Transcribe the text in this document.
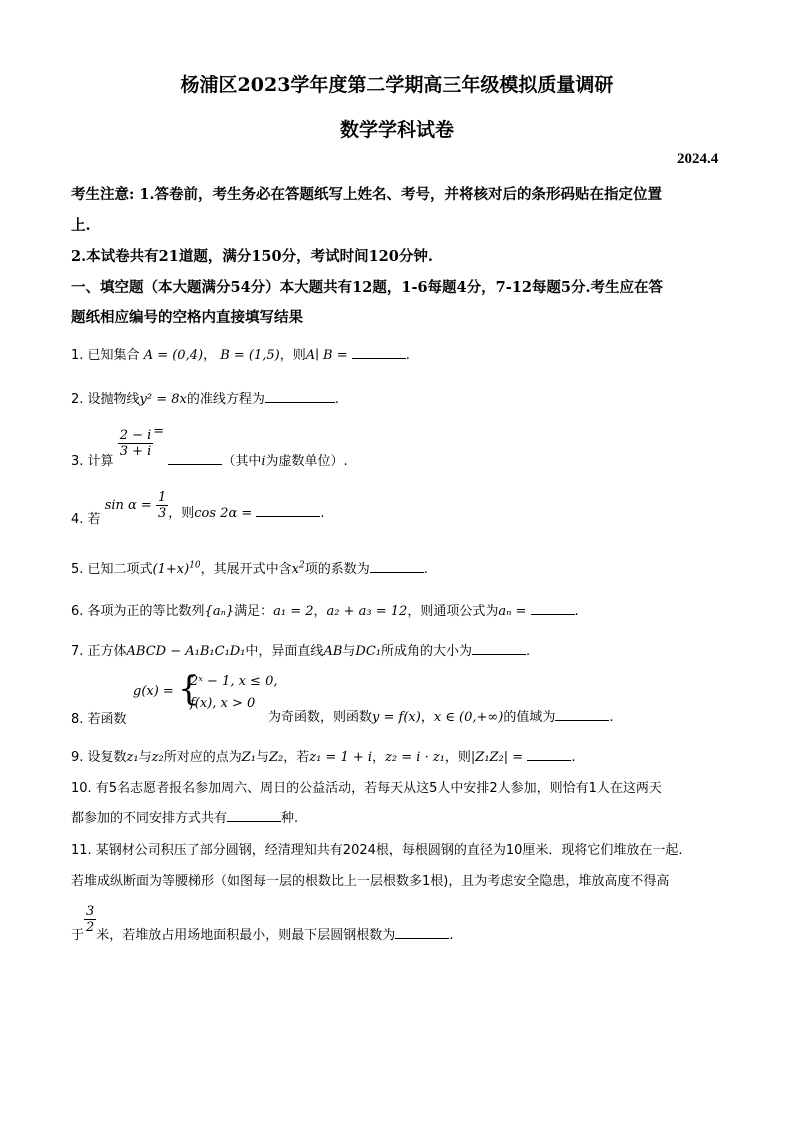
杨浦区2023学年度第二学期高三年级模拟质量调研
数学学科试卷
2024.4
考生注意: 1.答卷前，考生务必在答题纸写上姓名、考号，并将核对后的条形码贴在指定位置
上.
2.本试卷共有21道题，满分150分，考试时间120分钟.
一、填空题（本大题满分54分）本大题共有12题，1-6每题4分，7-12每题5分.考生应在答
题纸相应编号的空格内直接填写结果
1. 已知集合 A = (0,4)， B = (1,5)，则A∣ B =	.
2. 设抛物线y² = 8x的准线方程为	.
3. 计算
$\frac{2 - i}{3 + i}$ = （其中i为虚数单位）.
4. 若 $\sin \alpha = \frac{1}{3}$ ，则cos 2α =	.
5. 已知二项式$(1+x)^{10}$，其展开式中含$x^2$项的系数为	.
6. 各项为正的等比数列{aₙ}满足：a₁ = 2，a₂ + a₃ = 12，则通项公式为aₙ =	.
7. 正方体ABCD − A₁B₁C₁D₁中，异面直线AB与DC₁所成角的大小为	.
8. 若函数
g(x) = {
2ˣ − 1, x ≤ 0,
f(x), x > 0
为奇函数，则函数y = f(x)，x ∈ (0,+∞)的值域为	.
9. 设复数z₁与z₂所对应的点为Z₁与Z₂，若z₁ = 1 + i，z₂ = i · z₁，则|Z₁Z₂| =	.
10. 有5名志愿者报名参加周六、周日的公益活动，若每天从这5人中安排2人参加，则恰有1人在这两天
都参加的不同安排方式共有	种.
11. 某钢材公司积压了部分圆钢，经清理知共有2024根，每根圆钢的直径为10厘米．现将它们堆放在一起.
若堆成纵断面为等腰梯形（如图每一层的根数比上一层根数多1根)，且为考虑安全隐患，堆放高度不得高
于
$\frac{3}{2}$
米，若堆放占用场地面积最小，则最下层圆钢根数为	.
